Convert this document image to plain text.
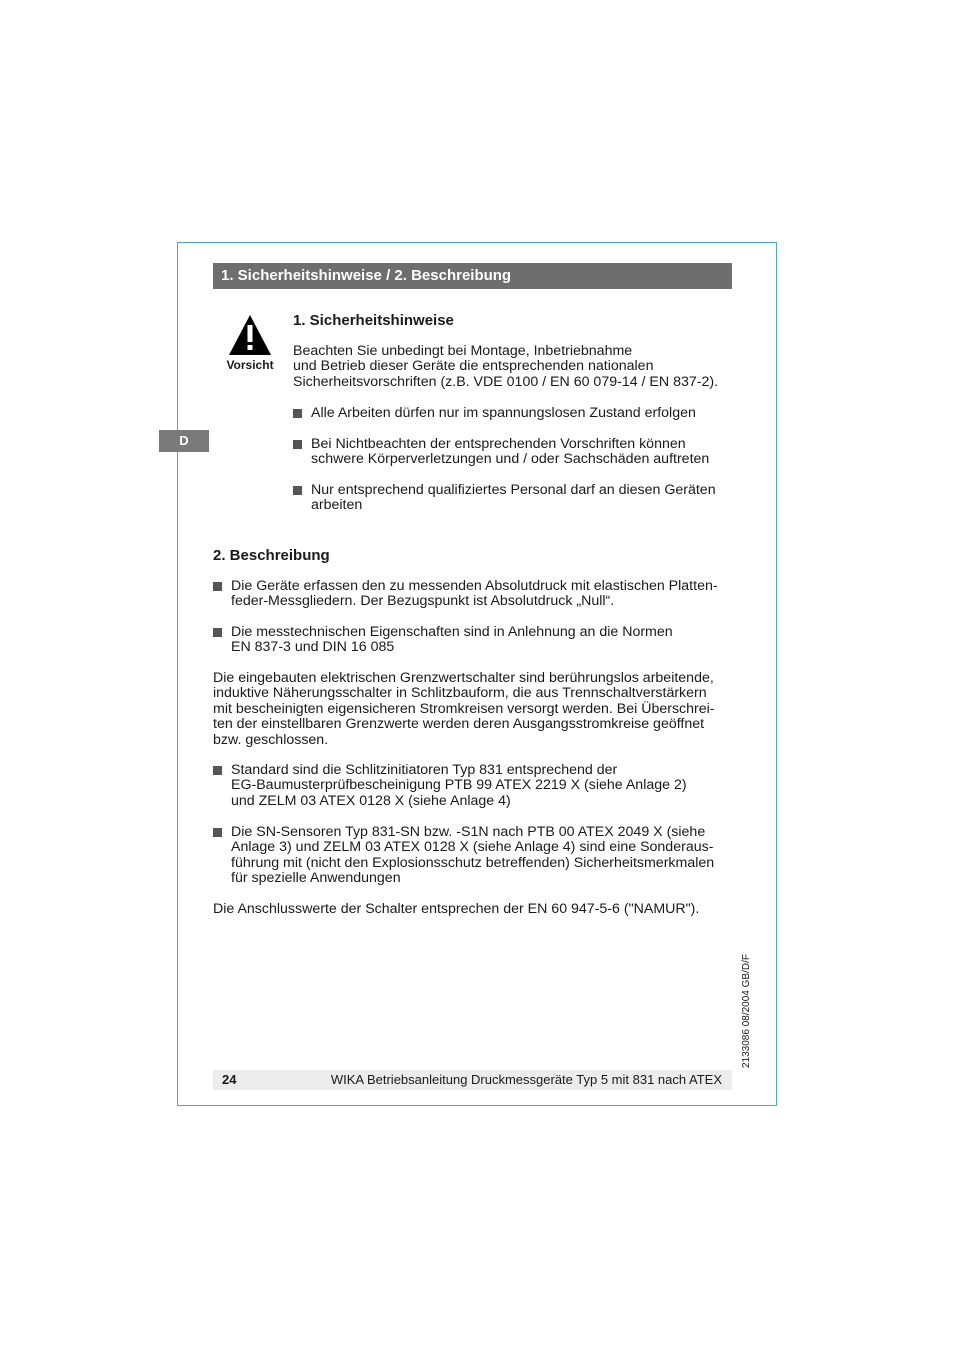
1. Sicherheitshinweise / 2. Beschreibung
D
Vorsicht
1. Sicherheitshinweise
Beachten Sie unbedingt bei Montage, Inbetriebnahme
und Betrieb dieser Geräte die entsprechenden nationalen
Sicherheitsvorschriften (z.B. VDE 0100 / EN 60 079-14 / EN 837-2).
Alle Arbeiten dürfen nur im spannungslosen Zustand erfolgen
Bei Nichtbeachten der entsprechenden Vorschriften können
schwere Körperverletzungen und / oder Sachschäden auftreten
Nur entsprechend qualifiziertes Personal darf an diesen Geräten
arbeiten
2. Beschreibung
Die Geräte erfassen den zu messenden Absolutdruck mit elastischen Platten-
feder-Messgliedern. Der Bezugspunkt ist Absolutdruck „Null“.
Die messtechnischen Eigenschaften sind in Anlehnung an die Normen
EN 837-3 und DIN 16 085
Die eingebauten elektrischen Grenzwertschalter sind berührungslos arbeitende,
induktive Näherungsschalter in Schlitzbauform, die aus Trennschaltverstärkern
mit bescheinigten eigensicheren Stromkreisen versorgt werden. Bei Überschrei-
ten der einstellbaren Grenzwerte werden deren Ausgangsstromkreise geöffnet
bzw. geschlossen.
Standard sind die Schlitzinitiatoren Typ 831 entsprechend der
EG-Baumusterprüfbescheinigung PTB 99 ATEX 2219 X (siehe Anlage 2)
und ZELM 03 ATEX 0128 X (siehe Anlage 4)
Die SN-Sensoren Typ 831-SN bzw. -S1N nach PTB 00 ATEX 2049 X (siehe
Anlage 3) und ZELM 03 ATEX 0128 X (siehe Anlage 4) sind eine Sonderaus-
führung mit (nicht den Explosionsschutz betreffenden) Sicherheitsmerkmalen
für spezielle Anwendungen
Die Anschlusswerte der Schalter entsprechen der EN 60 947-5-6 ("NAMUR").
2133086 08/2004 GB/D/F
24	WIKA Betriebsanleitung Druckmessgeräte Typ 5 mit 831 nach ATEX
